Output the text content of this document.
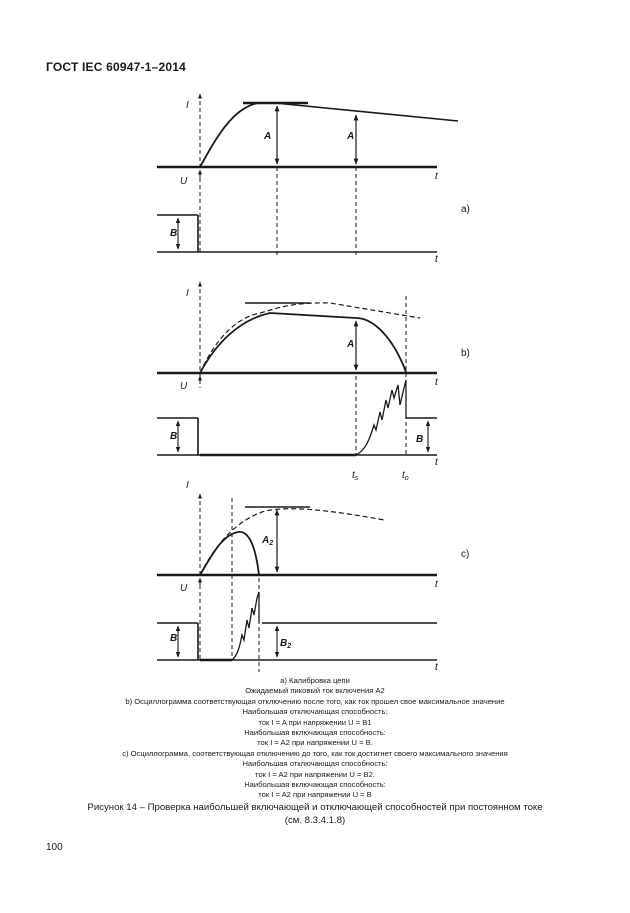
ГОСТ IEC 60947-1–2014
I
U	t
A	A
B
t
a)
I
U	t
A
B	B
t
$t_s$	$t_o$
b)
I
U	t
$A_2$
B	$B_2$
t
c)
а) Калибровка цепи
Ожидаемый пиковый ток включения A2
b) Осциллограмма соответствующая отключению после того, как ток прошел свое максимальное значение
Наибольшая отключающая способность:
ток I = A при напряжении U = B1
Наибольшая включающая способность:
ток I = A2 при напряжении U = B.
c) Осциллограмма, соответствующая отключению до того, как ток достигнет своего максимального значения
Наибольшая отключающая способность:
ток I = A2 при напряжении U = B2.
Наибольшая включающая способность:
ток I = A2 при напряжении U = B
Рисунок 14 – Проверка наибольшей включающей и отключающей способностей при постоянном токе
(см. 8.3.4.1.8)
100
